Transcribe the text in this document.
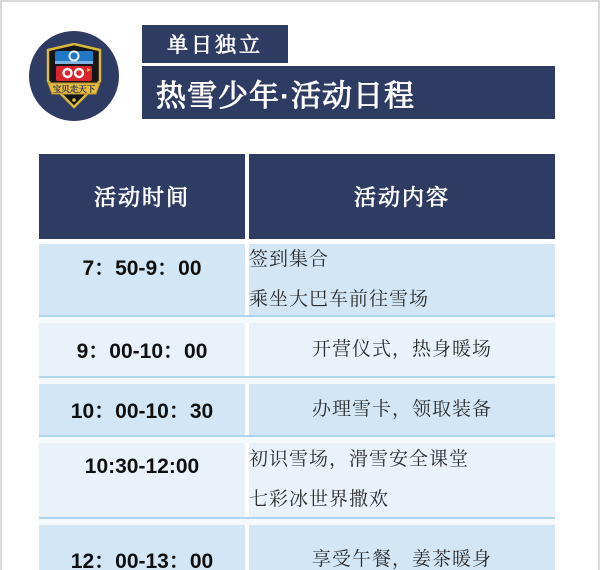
宝贝走天下
单日独立
热雪少年·活动日程
活动时间	活动内容
7：50-9：00	签到集合
乘坐大巴车前往雪场
9：00-10：00	开营仪式，热身暖场
10：00-10：30	办理雪卡，领取装备
10:30-12:00	初识雪场，滑雪安全课堂
七彩冰世界撒欢
12：00-13：00	享受午餐，姜茶暖身
